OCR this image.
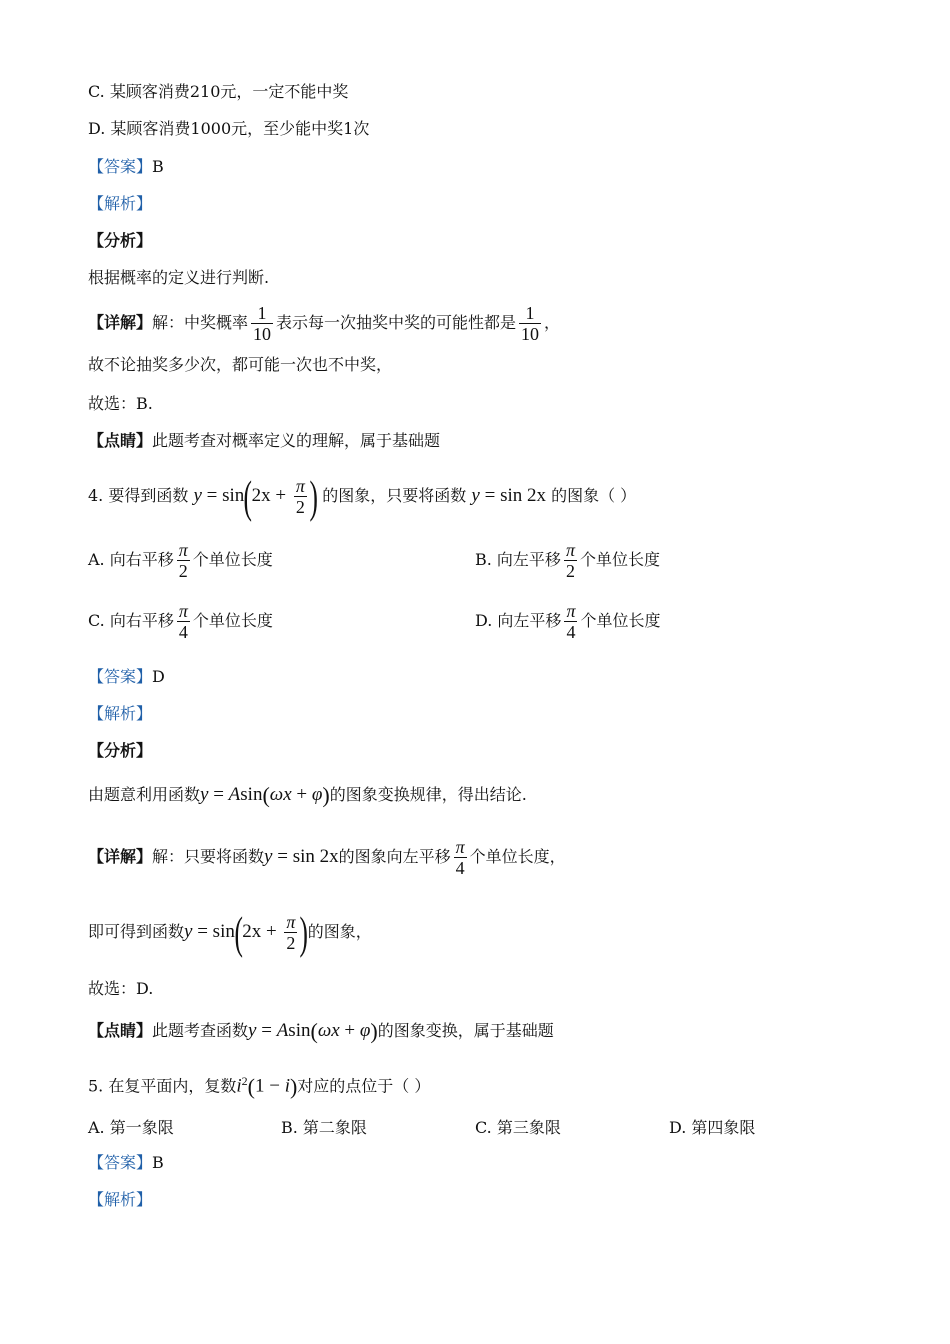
C. 某顾客消费210元，一定不能中奖
D. 某顾客消费1000元，至少能中奖1次
【答案】B
【解析】
【分析】
根据概率的定义进行判断.
【详解】解：中奖概率 $\frac{1}{10}$ 表示每一次抽奖中奖的可能性都是 $\frac{1}{10}$ ，
故不论抽奖多少次，都可能一次也不中奖，
故选：B.
【点睛】此题考查对概率定义的理解，属于基础题
4. 要得到函数 $y = \sin(2x + \frac{\pi}{2}$ ) 的图象，只要将函数 y = sin 2x 的图象（ ）
A. 向右平移 $\frac{\pi}{2}$ 个单位长度	B. 向左平移 $\frac{\pi}{2}$ 个单位长度
C. 向右平移 $\frac{\pi}{4}$ 个单位长度	D. 向左平移 $\frac{\pi}{4}$ 个单位长度
【答案】D
【解析】
【分析】
由题意利用函数y = Asin(ωx + φ)的图象变换规律，得出结论.
【详解】解：只要将函数y = sin 2x的图象向左平移 $\frac{\pi}{4}$ 个单位长度，
即可得到函数$y = \sin(2x + \frac{\pi}{2}$ )的图象，
故选：D.
【点睛】此题考查函数y = Asin(ωx + φ)的图象变换，属于基础题
5. 在复平面内，复数$i^2(1 - i)$对应的点位于（ ）
A. 第一象限	B. 第二象限	C. 第三象限	D. 第四象限
【答案】B
【解析】
